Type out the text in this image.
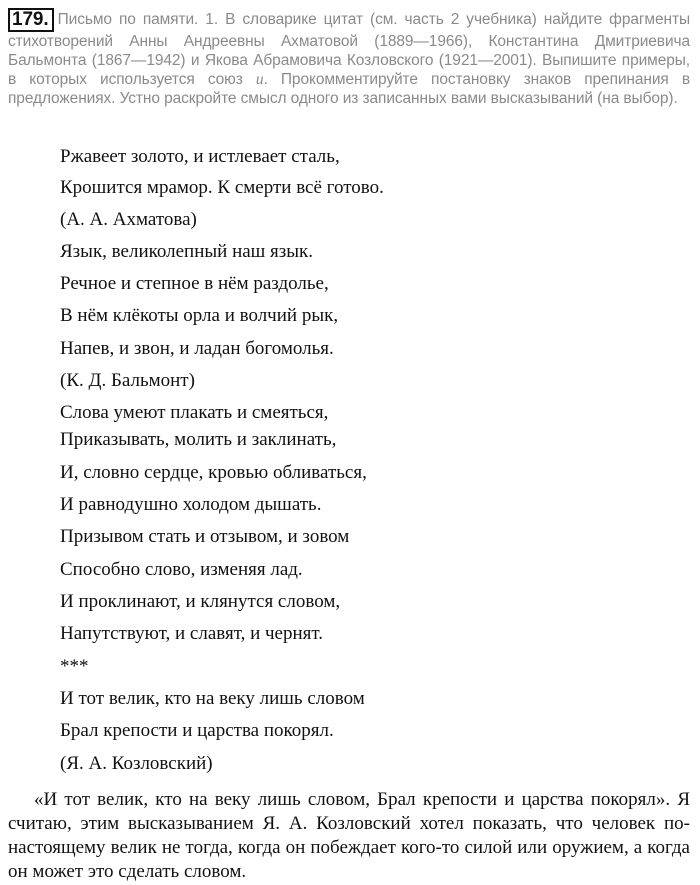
179. Письмо по памяти. 1. В словарике цитат (см. часть 2 учебника) найдите фрагменты стихотворений Анны Андреевны Ахматовой (1889—1966), Константина Дмитриевича Бальмонта (1867—1942) и Якова Абрамовича Козловского (1921—2001). Выпишите примеры, в которых используется союз и. Прокомментируйте постановку знаков препинания в предложениях. Устно раскройте смысл одного из записанных вами высказываний (на выбор).
Ржавеет золото, и истлевает сталь,
Крошится мрамор. К смерти всё готово.
(А. А. Ахматова)
Язык, великолепный наш язык.
Речное и степное в нём раздолье,
В нём клёкоты орла и волчий рык,
Напев, и звон, и ладан богомолья.
(К. Д. Бальмонт)
Слова умеют плакать и смеяться,
Приказывать, молить и заклинать,
И, словно сердце, кровью обливаться,
И равнодушно холодом дышать.
Призывом стать и отзывом, и зовом
Способно слово, изменяя лад.
И проклинают, и клянутся словом,
Напутствуют, и славят, и чернят.
***
И тот велик, кто на веку лишь словом
Брал крепости и царства покорял.
(Я. А. Козловский)
«И тот велик, кто на веку лишь словом, Брал крепости и царства покорял». Я считаю, этим высказыванием Я. А. Козловский хотел показать, что человек по-настоящему велик не тогда, когда он побеждает кого-то силой или оружием, а когда он может это сделать словом.
